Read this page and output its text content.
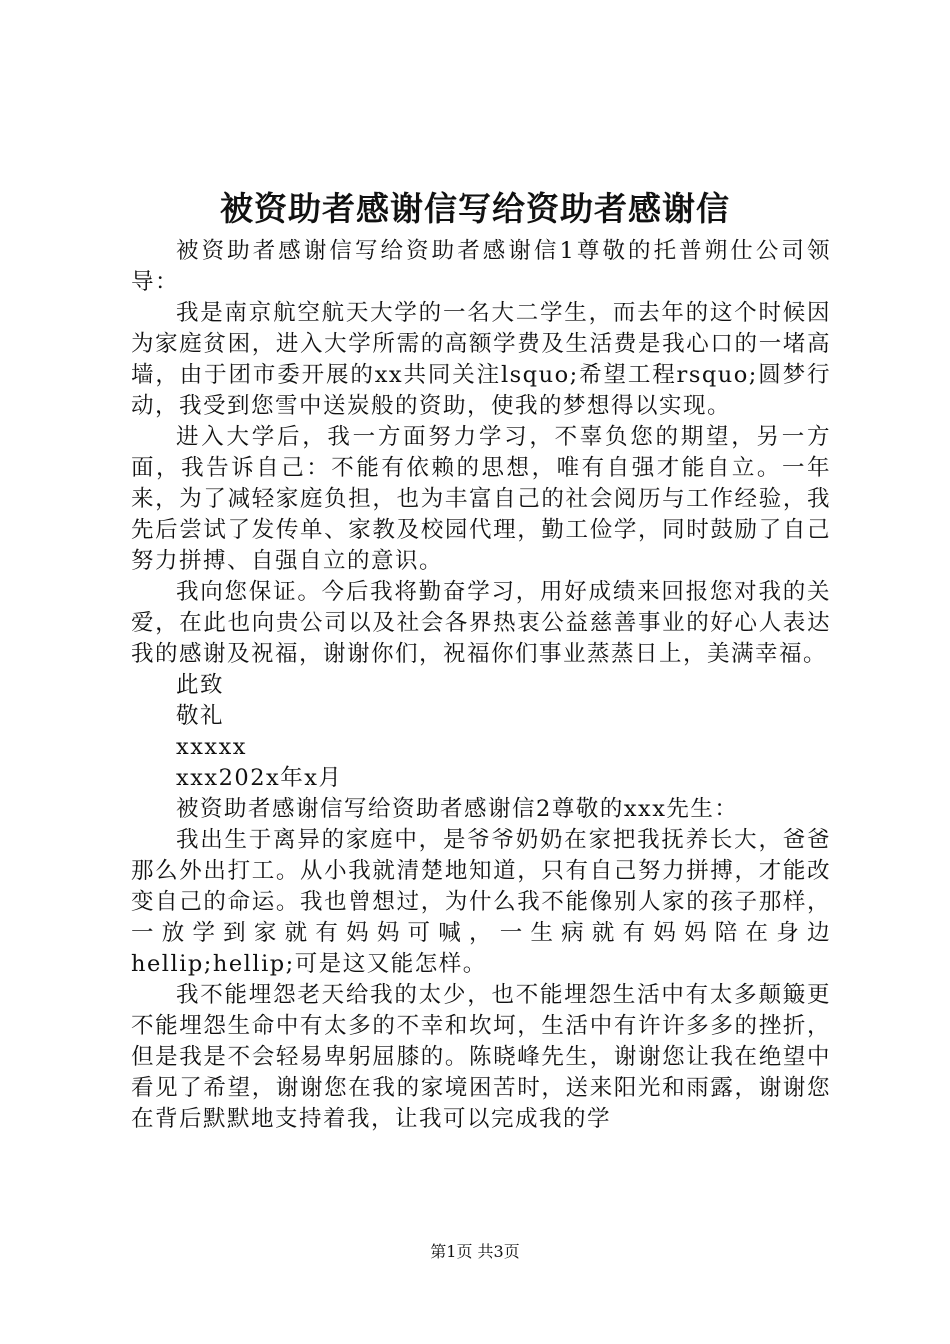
被资助者感谢信写给资助者感谢信

被资助者感谢信写给资助者感谢信1尊敬的托普朔仕公司领导：

我是南京航空航天大学的一名大二学生，而去年的这个时候因为家庭贫困，进入大学所需的高额学费及生活费是我心口的一堵高墙，由于团市委开展的xx共同关注lsquo;希望工程rsquo;圆梦行动，我受到您雪中送炭般的资助，使我的梦想得以实现。

进入大学后，我一方面努力学习，不辜负您的期望，另一方面，我告诉自己：不能有依赖的思想，唯有自强才能自立。一年来，为了减轻家庭负担，也为丰富自己的社会阅历与工作经验，我先后尝试了发传单、家教及校园代理，勤工俭学，同时鼓励了自己努力拼搏、自强自立的意识。

我向您保证。今后我将勤奋学习，用好成绩来回报您对我的关爱，在此也向贵公司以及社会各界热衷公益慈善事业的好心人表达我的感谢及祝福，谢谢你们，祝福你们事业蒸蒸日上，美满幸福。

此致

敬礼

xxxxx

xxx202x年x月

被资助者感谢信写给资助者感谢信2尊敬的xxx先生：

我出生于离异的家庭中，是爷爷奶奶在家把我抚养长大，爸爸那么外出打工。从小我就清楚地知道，只有自己努力拼搏，才能改变自己的命运。我也曾想过，为什么我不能像别人家的孩子那样，一放学到家就有妈妈可喊，一生病就有妈妈陪在身边hellip;hellip;可是这又能怎样。

我不能埋怨老天给我的太少，也不能埋怨生活中有太多颠簸更不能埋怨生命中有太多的不幸和坎坷，生活中有许许多多的挫折，但是我是不会轻易卑躬屈膝的。陈晓峰先生，谢谢您让我在绝望中看见了希望，谢谢您在我的家境困苦时，送来阳光和雨露，谢谢您在背后默默地支持着我，让我可以完成我的学

第1页 共3页
